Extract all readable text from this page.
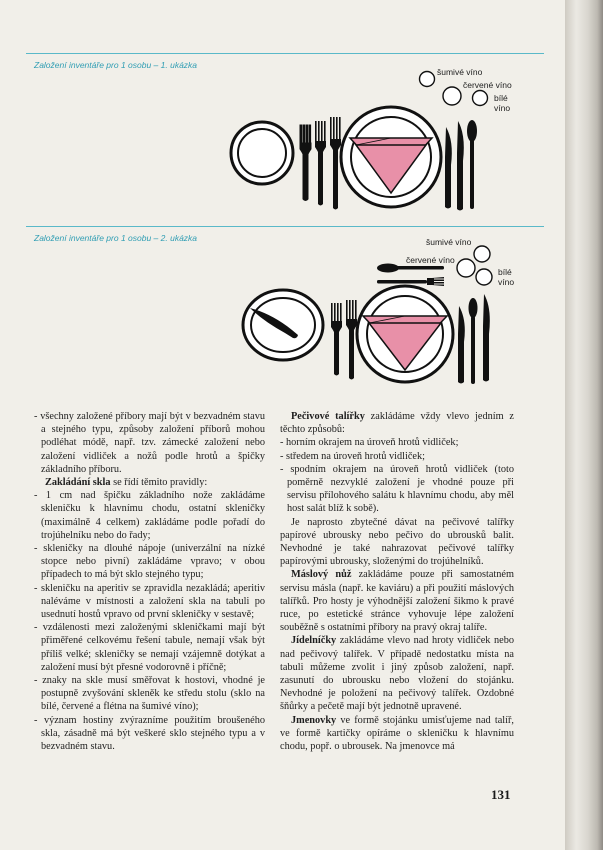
Založení inventáře pro 1 osobu – 1. ukázka
šumivé víno
červené víno
bílé
víno
Založení inventáře pro 1 osobu – 2. ukázka	šumivé víno
červené víno
bílé
víno

- všechny založené příbory mají být v bezvadném stavu a stejného typu, způsoby založení příborů mohou podléhat módě, např. tzv. zámecké založení nebo založení vidliček a nožů podle hrotů a špičky základního příboru.

Zakládání skla se řídí těmito pravidly:

- 1 cm nad špičku základního nože zakládáme skleničku k hlavnímu chodu, ostatní skleničky (maximálně 4 celkem) zakládáme podle pořadí do trojúhelníku nebo do řady;

- skleničky na dlouhé nápoje (univerzální na nízké stopce nebo pivní) zakládáme vpravo; v obou případech to má být sklo stejného typu;

- skleničku na aperitiv se zpravidla nezakládá; aperitiv naléváme v místnosti a založení skla na tabuli po usednutí hostů vpravo od první skleničky v sestavě;

- vzdálenosti mezi založenými skleničkami mají být přiměřené celkovému řešení tabule, nemají však být příliš velké; skleničky se nemají vzájemně dotýkat a založení musí být přesné vodorovně i příčně;

- znaky na skle musí směřovat k hostovi, vhodné je postupně zvyšování skleněk ke středu stolu (sklo na bílé, červené a flétna na šumivé víno);

- význam hostiny zvýrazníme použitím broušeného skla, zásadně má být veškeré sklo stejného typu a v bezvadném stavu.

Pečivové talířky zakládáme vždy vlevo jedním z těchto způsobů:

- horním okrajem na úroveň hrotů vidliček;

- středem na úroveň hrotů vidliček;

- spodním okrajem na úroveň hrotů vidliček (toto poměrně nezvyklé založení je vhodné pouze při servisu přílohového salátu k hlavnímu chodu, aby měl host salát blíž k sobě).

Je naprosto zbytečné dávat na pečivové talířky papírové ubrousky nebo pečivo do ubrousků balit. Nevhodné je také nahrazovat pečivové talířky papírovými ubrousky, složenými do trojúhelníků.

Máslový nůž zakládáme pouze při samostatném servisu másla (např. ke kaviáru) a při použití máslových talířků. Pro hosty je výhodnější založení šikmo k pravé ruce, po estetické stránce vyhovuje lépe založení souběžně s ostatními příbory na pravý okraj talíře.

Jídelníčky zakládáme vlevo nad hroty vidliček nebo nad pečivový talířek. V případě nedostatku místa na tabuli můžeme zvolit i jiný způsob založení, např. zasunutí do ubrousku nebo vložení do stojánku. Nevhodné je položení na pečivový talířek. Ozdobné šňůrky a pečetě mají být jednotně upravené.

Jmenovky ve formě stojánku umisťujeme nad talíř, ve formě kartičky opíráme o skleničku k hlavnímu chodu, popř. o ubrousek. Na jmenovce má

131
